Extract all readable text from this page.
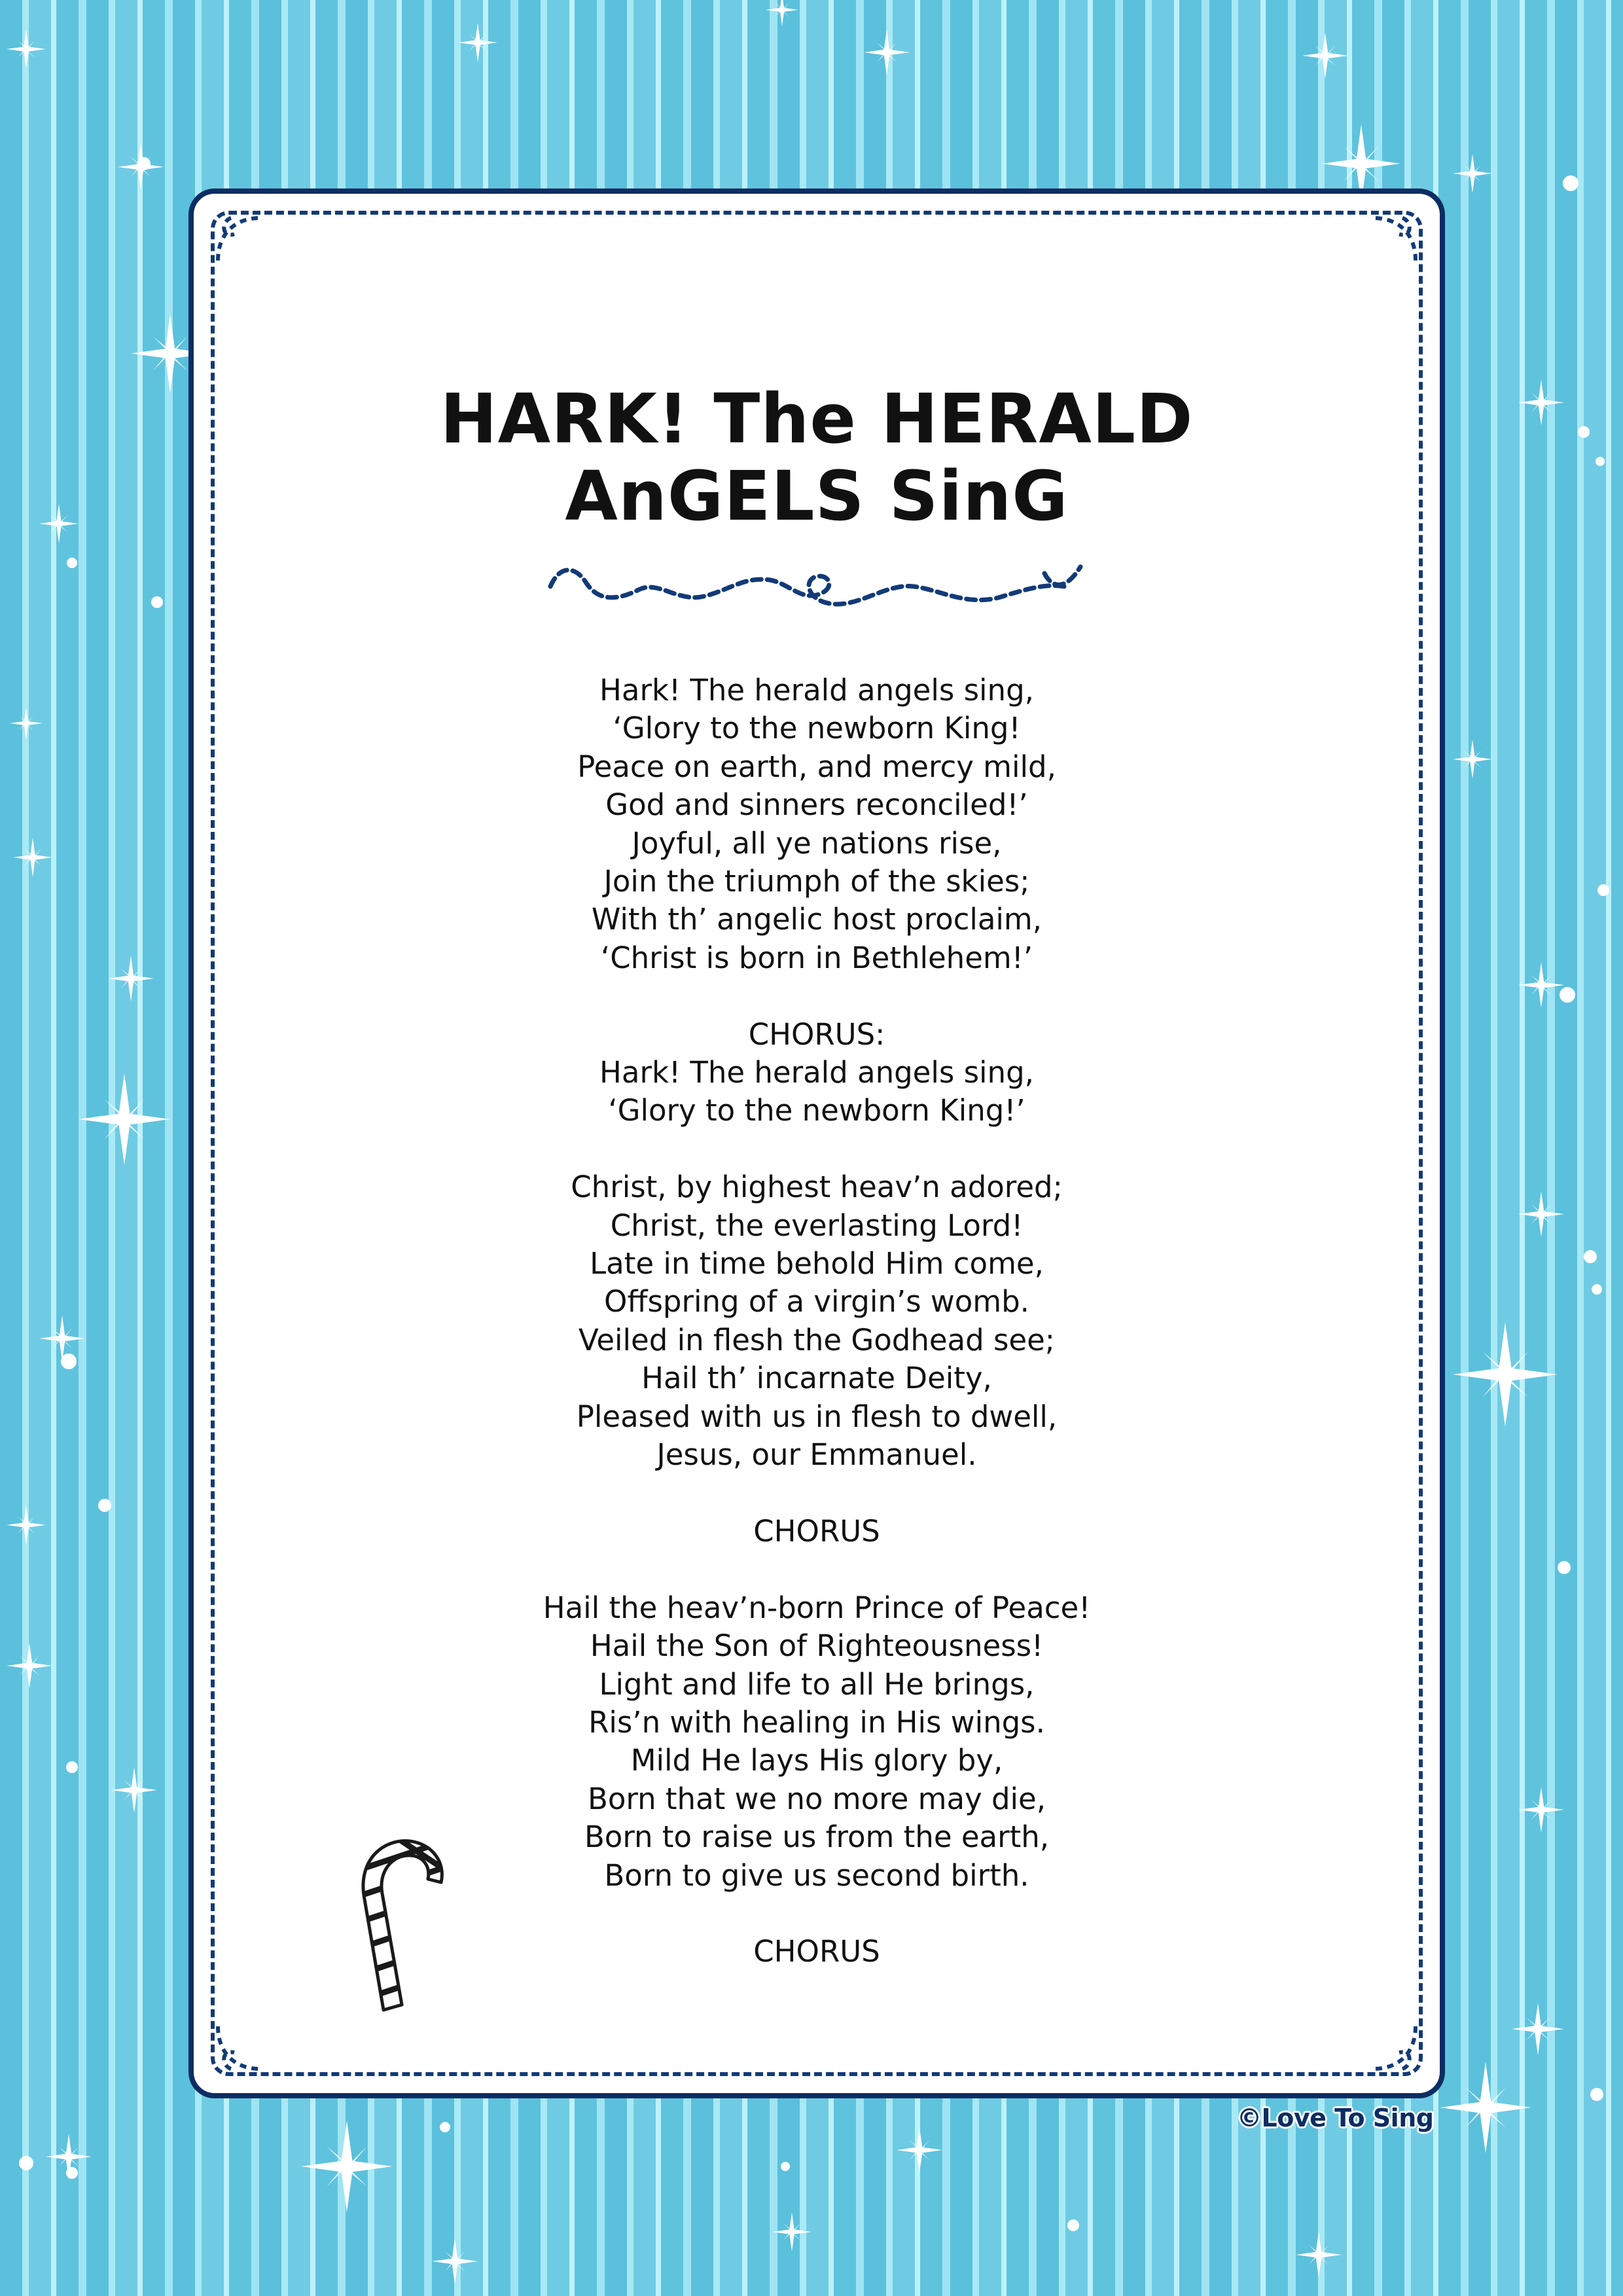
HARK! The HERALD
AnGELS SinG
Hark! The herald angels sing,
‘Glory to the newborn King!
Peace on earth, and mercy mild,
God and sinners reconciled!’
Joyful, all ye nations rise,
Join the triumph of the skies;
With th’ angelic host proclaim,
‘Christ is born in Bethlehem!’
CHORUS:
Hark! The herald angels sing,
‘Glory to the newborn King!’
Christ, by highest heav’n adored;
Christ, the everlasting Lord!
Late in time behold Him come,
Offspring of a virgin’s womb.
Veiled in flesh the Godhead see;
Hail th’ incarnate Deity,
Pleased with us in flesh to dwell,
Jesus, our Emmanuel.
CHORUS
Hail the heav’n-born Prince of Peace!
Hail the Son of Righteousness!
Light and life to all He brings,
Ris’n with healing in His wings.
Mild He lays His glory by,
Born that we no more may die,
Born to raise us from the earth,
Born to give us second birth.
CHORUS
©Love To Sing
